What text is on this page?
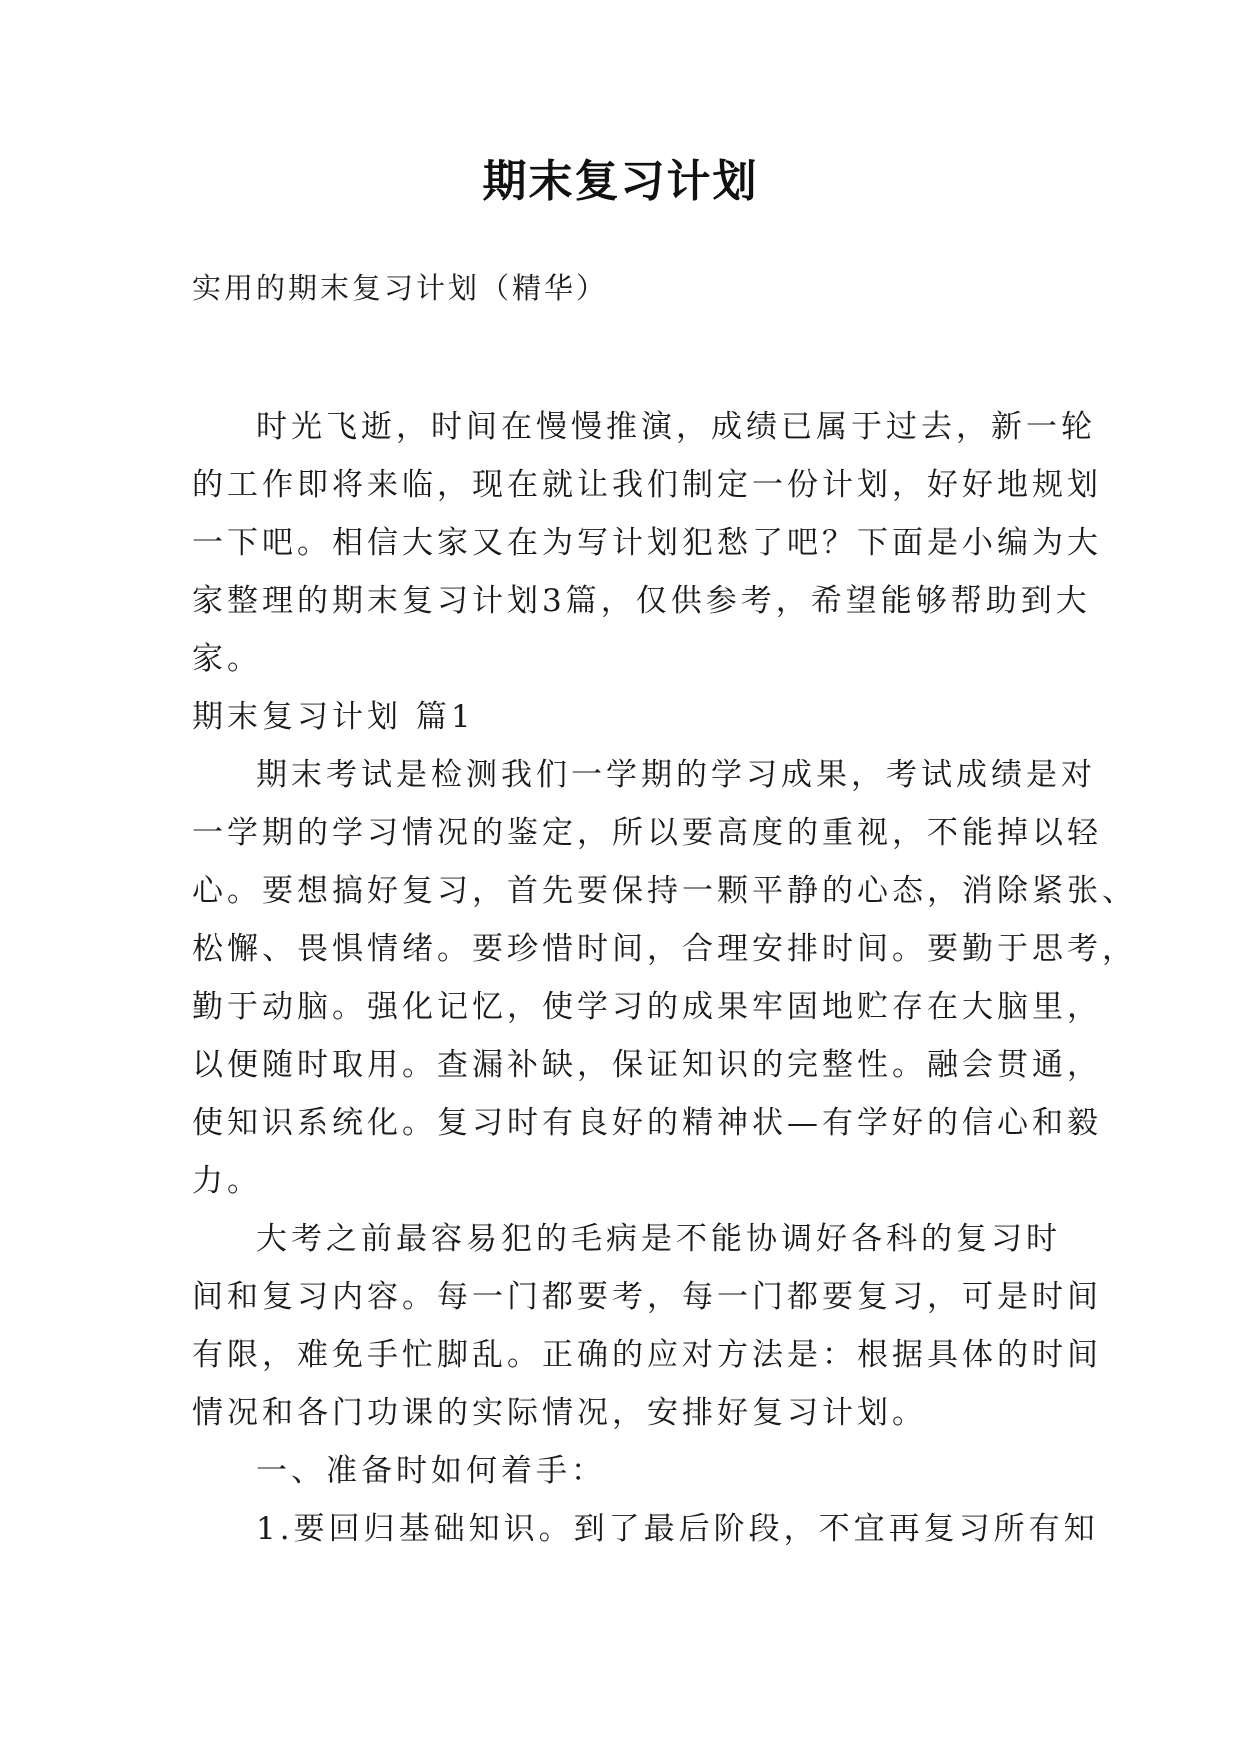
期末复习计划
实用的期末复习计划（精华）
时光飞逝，时间在慢慢推演，成绩已属于过去，新一轮
的工作即将来临，现在就让我们制定一份计划，好好地规划
一下吧。相信大家又在为写计划犯愁了吧？下面是小编为大
家整理的期末复习计划3篇，仅供参考，希望能够帮助到大
家。
期末复习计划 篇1
期末考试是检测我们一学期的学习成果，考试成绩是对
一学期的学习情况的鉴定，所以要高度的重视，不能掉以轻
心。要想搞好复习，首先要保持一颗平静的心态，消除紧张、
松懈、畏惧情绪。要珍惜时间，合理安排时间。要勤于思考，
勤于动脑。强化记忆，使学习的成果牢固地贮存在大脑里，
以便随时取用。查漏补缺，保证知识的完整性。融会贯通，
使知识系统化。复习时有良好的精神状—有学好的信心和毅
力。
大考之前最容易犯的毛病是不能协调好各科的复习时
间和复习内容。每一门都要考，每一门都要复习，可是时间
有限，难免手忙脚乱。正确的应对方法是：根据具体的时间
情况和各门功课的实际情况，安排好复习计划。
一、准备时如何着手：
1.要回归基础知识。到了最后阶段，不宜再复习所有知
